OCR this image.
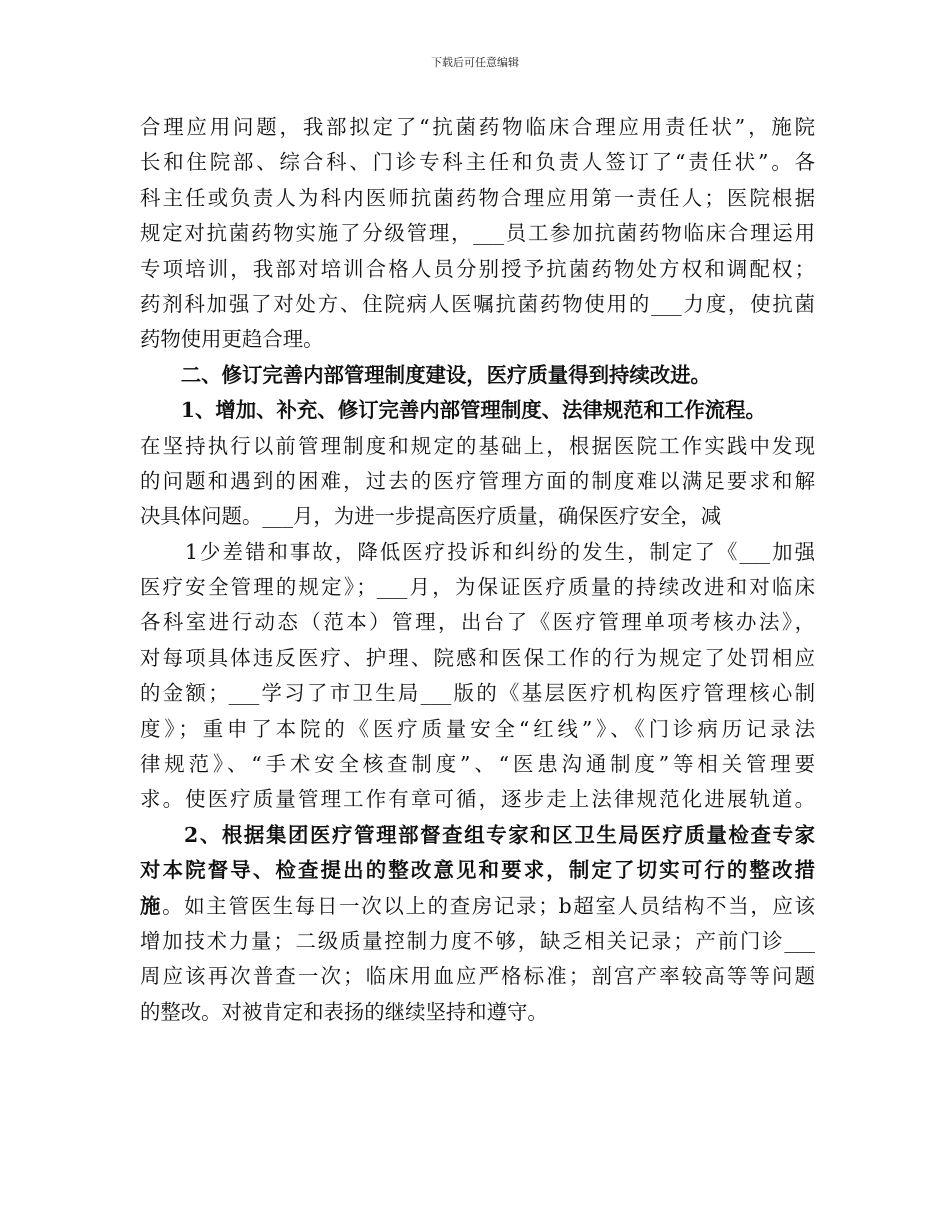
下载后可任意编辑
合理应用问题，我部拟定了“抗菌药物临床合理应用责任状”，施院
长和住院部、综合科、门诊专科主任和负责人签订了“责任状”。各
科主任或负责人为科内医师抗菌药物合理应用第一责任人；医院根据
规定对抗菌药物实施了分级管理，___员工参加抗菌药物临床合理运用
专项培训，我部对培训合格人员分别授予抗菌药物处方权和调配权；
药剂科加强了对处方、住院病人医嘱抗菌药物使用的___力度，使抗菌
药物使用更趋合理。
　　二、修订完善内部管理制度建设，医疗质量得到持续改进。
　　1、增加、补充、修订完善内部管理制度、法律规范和工作流程。
在坚持执行以前管理制度和规定的基础上，根据医院工作实践中发现
的问题和遇到的困难，过去的医疗管理方面的制度难以满足要求和解
决具体问题。___月，为进一步提高医疗质量，确保医疗安全，减
　　1少差错和事故，降低医疗投诉和纠纷的发生，制定了《___加强
医疗安全管理的规定》；___月，为保证医疗质量的持续改进和对临床
各科室进行动态（范本）管理，出台了《医疗管理单项考核办法》，
对每项具体违反医疗、护理、院感和医保工作的行为规定了处罚相应
的金额；___学习了市卫生局___版的《基层医疗机构医疗管理核心制
度》；重申了本院的《医疗质量安全“红线”》、《门诊病历记录法
律规范》、“手术安全核查制度”、“医患沟通制度”等相关管理要
求。使医疗质量管理工作有章可循，逐步走上法律规范化进展轨道。
　　2、根据集团医疗管理部督查组专家和区卫生局医疗质量检查专家
对本院督导、检查提出的整改意见和要求，制定了切实可行的整改措
施。如主管医生每日一次以上的查房记录；b超室人员结构不当，应该
增加技术力量；二级质量控制力度不够，缺乏相关记录；产前门诊___
周应该再次普查一次；临床用血应严格标准；剖宫产率较高等等问题
的整改。对被肯定和表扬的继续坚持和遵守。
